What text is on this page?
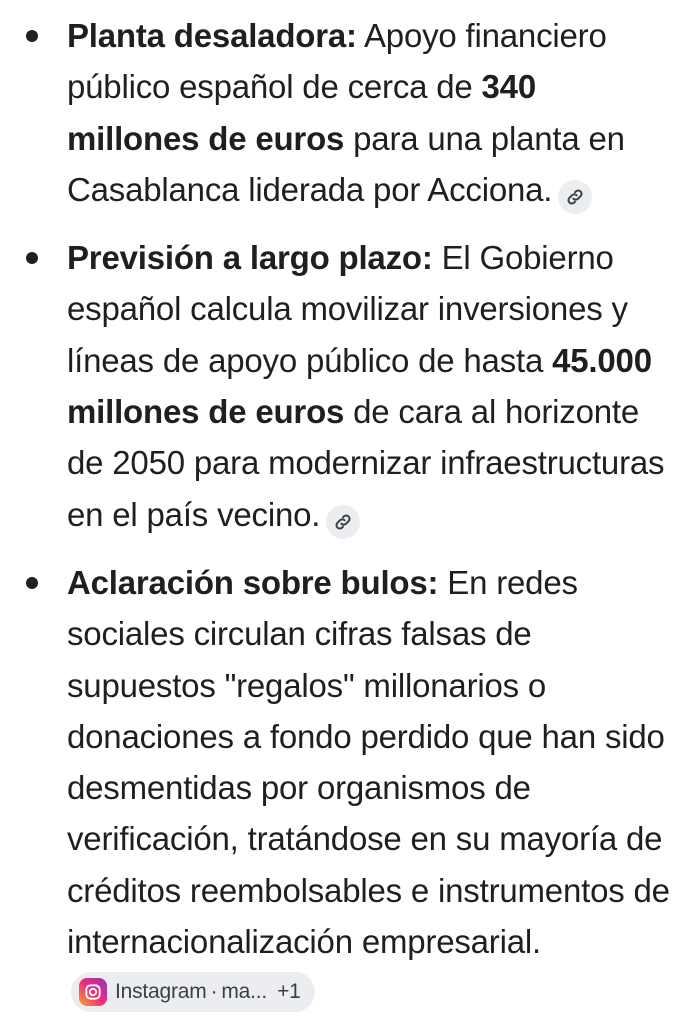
Planta desaladora: Apoyo financiero público español de cerca de 340 millones de euros para una planta en Casablanca liderada por Acciona.
Previsión a largo plazo: El Gobierno español calcula movilizar inversiones y líneas de apoyo público de hasta 45.000 millones de euros de cara al horizonte de 2050 para modernizar infraestructuras en el país vecino.
Aclaración sobre bulos: En redes sociales circulan cifras falsas de supuestos "regalos" millonarios o donaciones a fondo perdido que han sido desmentidas por organismos de verificación, tratándose en su mayoría de créditos reembolsables e instrumentos de internacionalización empresarial.
Instagram · ma... +1
